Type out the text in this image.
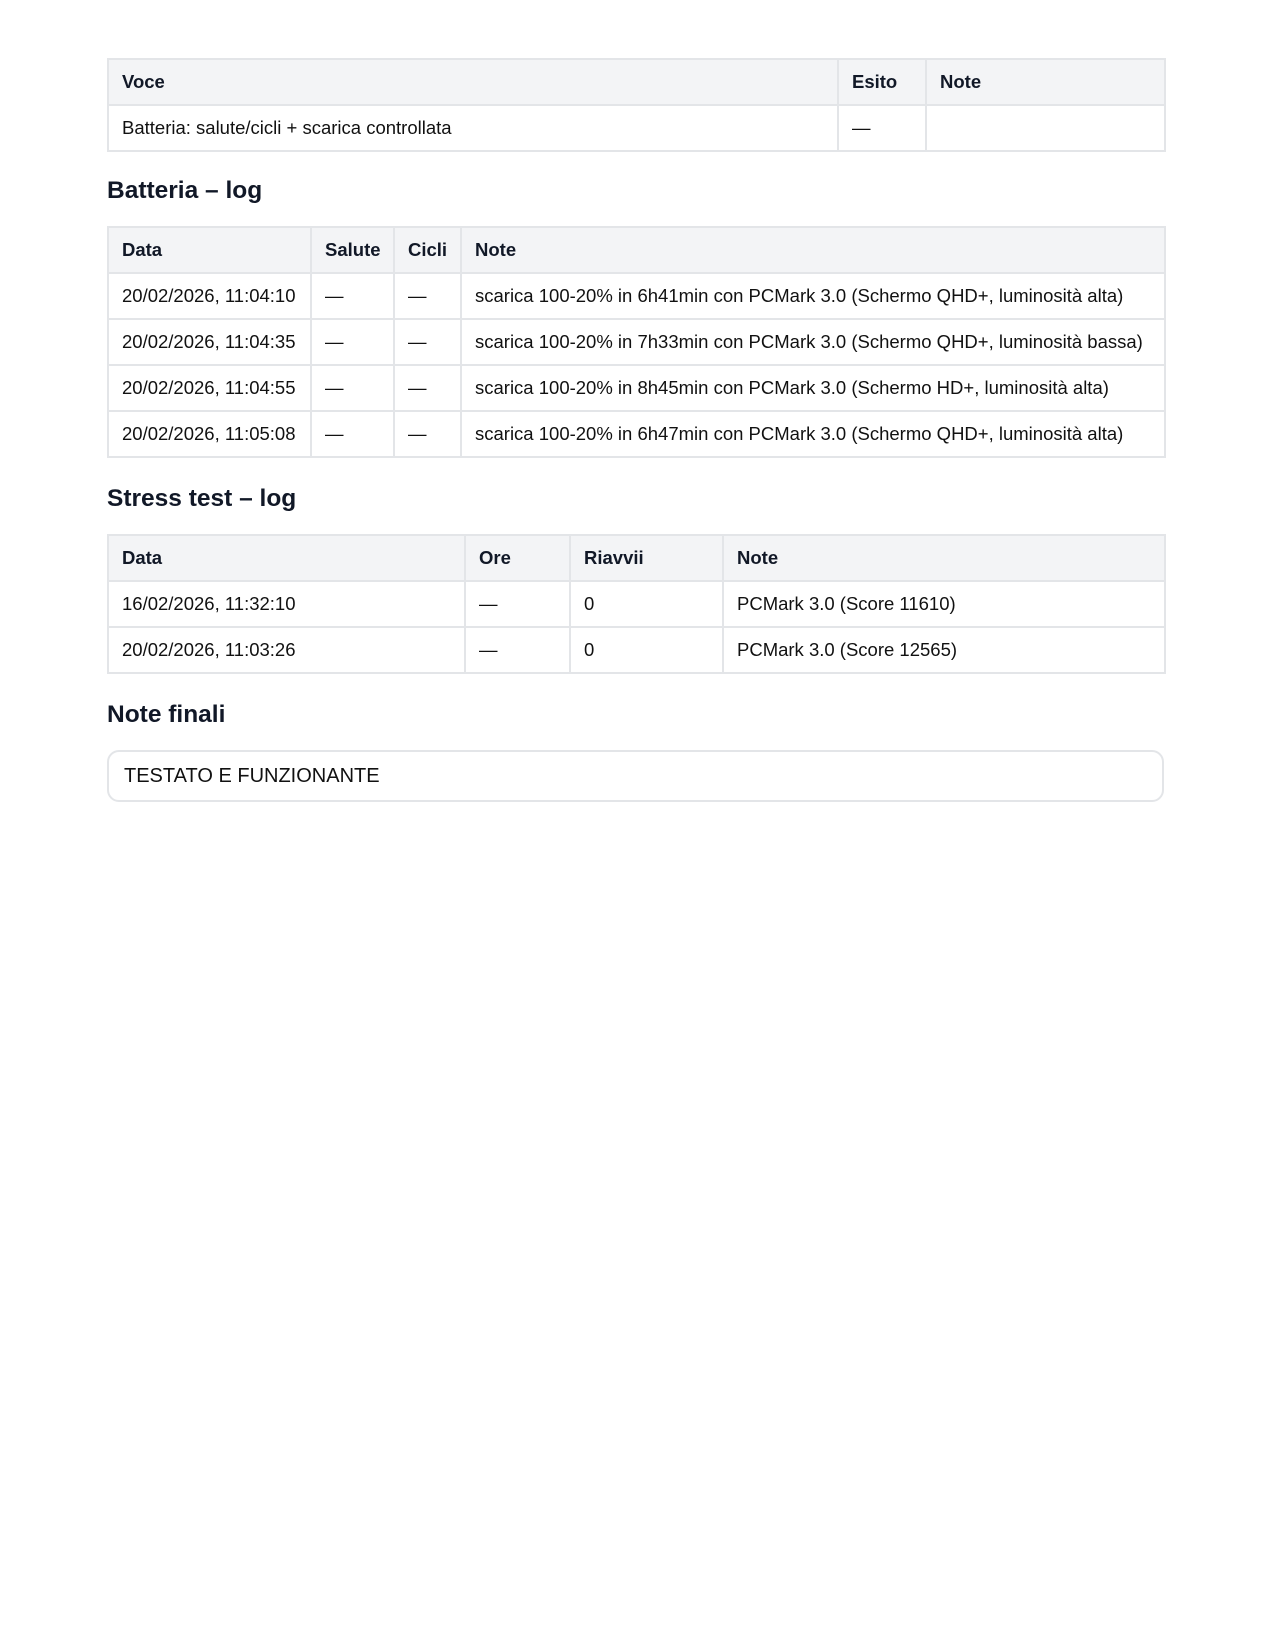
Voce	Esito	Note
Batteria: salute/cicli + scarica controllata	—	
Batteria – log
Data	Salute	Cicli	Note
20/02/2026, 11:04:10	—	—	scarica 100-20% in 6h41min con PCMark 3.0 (Schermo QHD+, luminosità alta)
20/02/2026, 11:04:35	—	—	scarica 100-20% in 7h33min con PCMark 3.0 (Schermo QHD+, luminosità bassa)
20/02/2026, 11:04:55	—	—	scarica 100-20% in 8h45min con PCMark 3.0 (Schermo HD+, luminosità alta)
20/02/2026, 11:05:08	—	—	scarica 100-20% in 6h47min con PCMark 3.0 (Schermo QHD+, luminosità alta)
Stress test – log
Data	Ore	Riavvii	Note
16/02/2026, 11:32:10	—	0	PCMark 3.0 (Score 11610)
20/02/2026, 11:03:26	—	0	PCMark 3.0 (Score 12565)
Note finali
TESTATO E FUNZIONANTE
